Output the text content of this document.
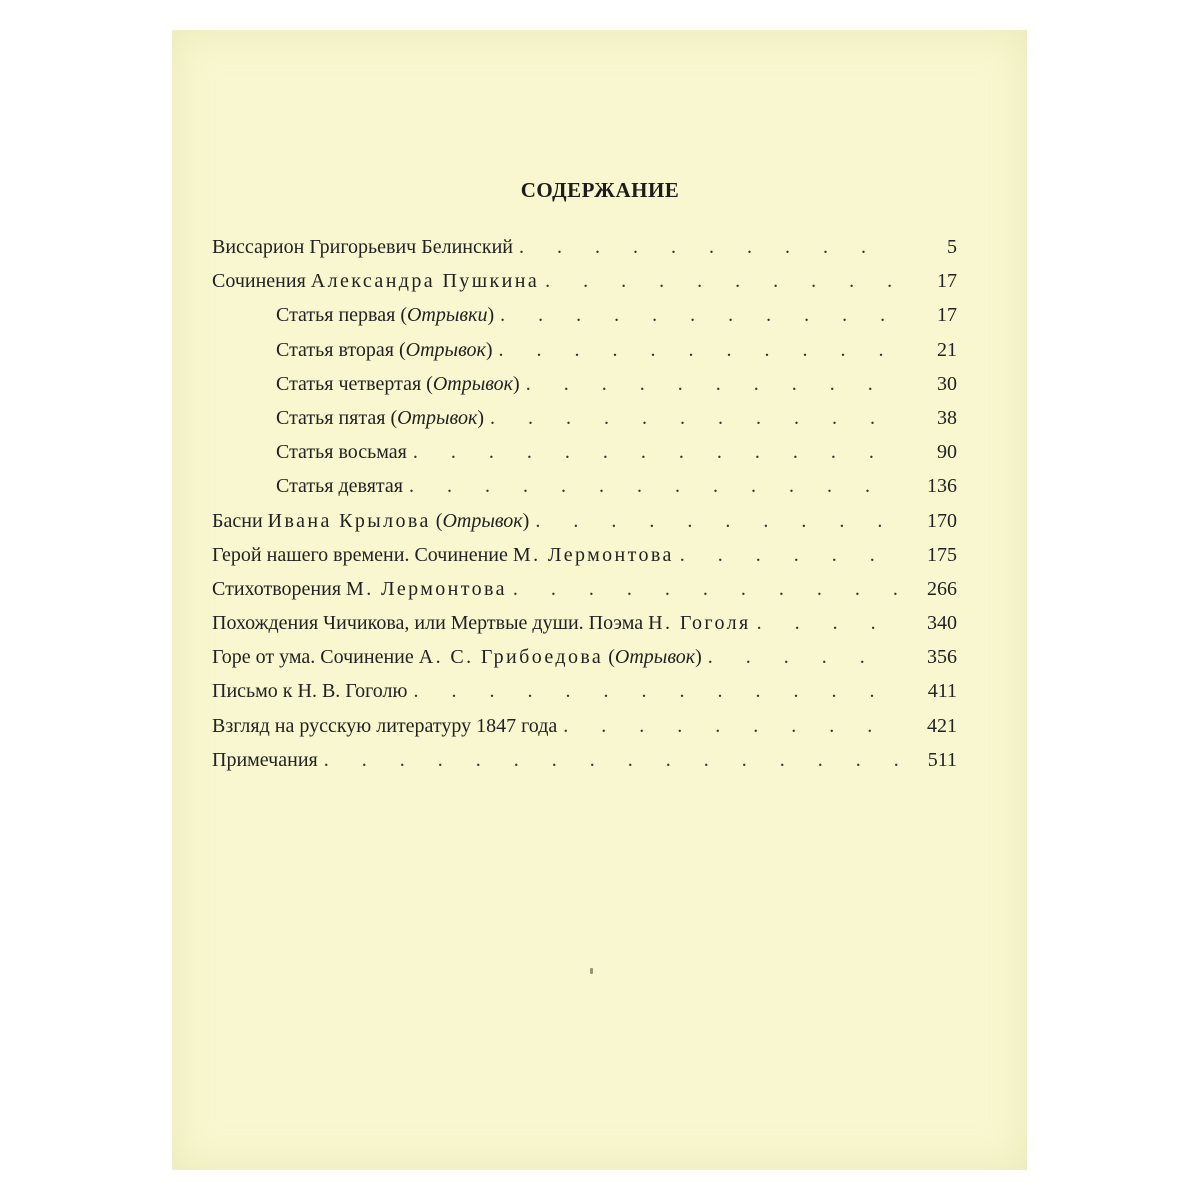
СОДЕРЖАНИЕ
Виссарион Григорьевич Белинский . . .	5
Сочинения Александра Пушкина . . .	17
Статья первая (Отрывки) . . .	17
Статья вторая (Отрывок) . . .	21
Статья четвертая (Отрывок) . . .	30
Статья пятая (Отрывок) . . .	38
Статья восьмая . . .	90
Статья девятая . . .	136
Басни Ивана Крылова (Отрывок) . . .	170
Герой нашего времени. Сочинение М. Лермонтова . . .	175
Стихотворения М. Лермонтова . . .	266
Похождения Чичикова, или Мертвые души. Поэма Н. Гоголя . . .	340
Горе от ума. Сочинение А. С. Грибоедова (Отрывок) . . .	356
Письмо к Н. В. Гоголю . . .	411
Взгляд на русскую литературу 1847 года . . .	421
Примечания . . .	511
